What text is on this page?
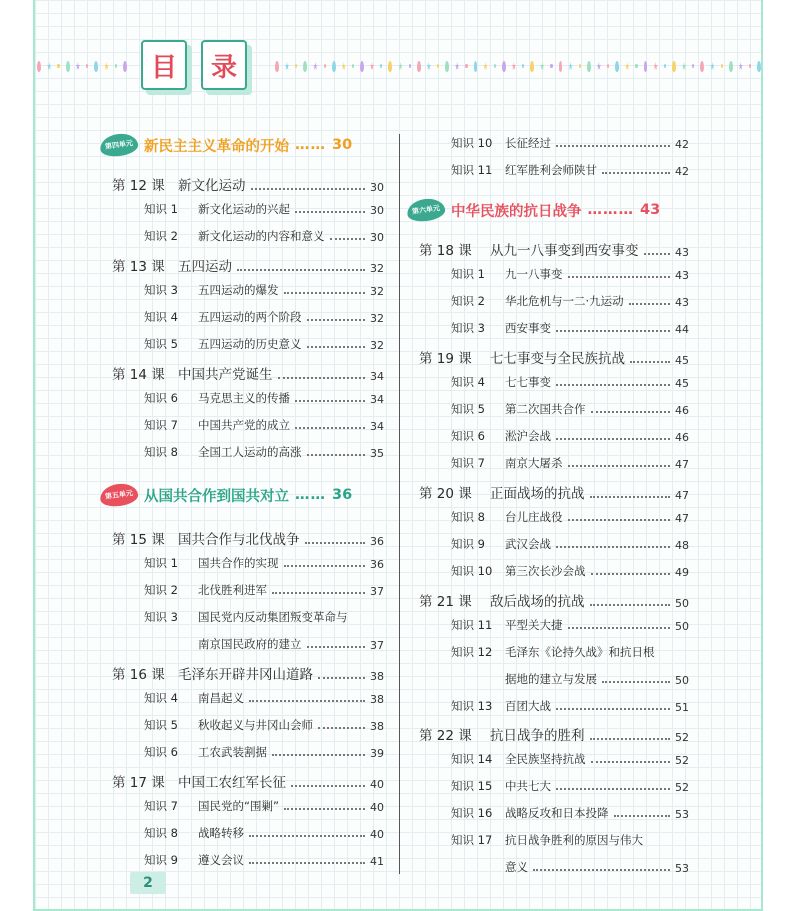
目	录
第四单元 新民主主义革命的开始 …… 30
第五单元 从国共合作到国共对立 …… 36
第六单元 中华民族的抗日战争 ……… 43
第 12 课 新文化运动	30
知识 1	新文化运动的兴起	30
知识 2	新文化运动的内容和意义	30
第 13 课 五四运动	32
知识 3	五四运动的爆发	32
知识 4	五四运动的两个阶段	32
知识 5	五四运动的历史意义	32
第 14 课 中国共产党诞生	34
知识 6	马克思主义的传播	34
知识 7	中国共产党的成立	34
知识 8	全国工人运动的高涨	35
第 15 课 国共合作与北伐战争	36
知识 1	国共合作的实现	36
知识 2	北伐胜利进军	37
知识 3	国民党内反动集团叛变革命与
南京国民政府的建立	37
第 16 课 毛泽东开辟井冈山道路	38
知识 4	南昌起义	38
知识 5	秋收起义与井冈山会师	38
知识 6	工农武装割据	39
第 17 课 中国工农红军长征	40
知识 7	国民党的“围剿”	40
知识 8	战略转移	40
知识 9	遵义会议	41
知识 10	长征经过	42
知识 11	红军胜利会师陕甘	42
第 18 课	从九一八事变到西安事变	43
知识 1	九一八事变	43
知识 2	华北危机与一二·九运动	43
知识 3	西安事变	44
第 19 课	七七事变与全民族抗战	45
知识 4	七七事变	45
知识 5	第二次国共合作	46
知识 6	淞沪会战	46
知识 7	南京大屠杀	47
第 20 课	正面战场的抗战	47
知识 8	台儿庄战役	47
知识 9	武汉会战	48
知识 10	第三次长沙会战	49
第 21 课	敌后战场的抗战	50
知识 11	平型关大捷	50
知识 12	毛泽东《论持久战》和抗日根
据地的建立与发展	50
知识 13	百团大战	51
第 22 课	抗日战争的胜利	52
知识 14	全民族坚持抗战	52
知识 15	中共七大	52
知识 16	战略反攻和日本投降	53
知识 17	抗日战争胜利的原因与伟大
意义	53
2
